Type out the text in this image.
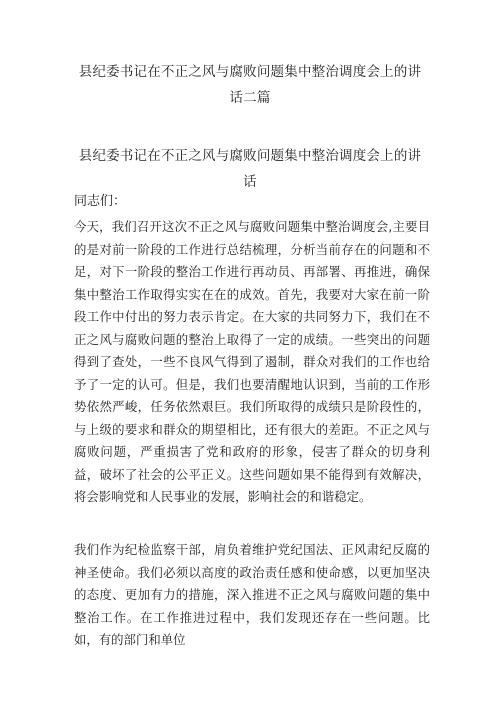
县纪委书记在不正之风与腐败问题集中整治调度会上的讲
话二篇
县纪委书记在不正之风与腐败问题集中整治调度会上的讲
话
同志们：

今天，我们召开这次不正之风与腐败问题集中整治调度会,主要目的是对前一阶段的工作进行总结梳理，分析当前存在的问题和不足，对下一阶段的整治工作进行再动员、再部署、再推进，确保集中整治工作取得实实在在的成效。首先，我要对大家在前一阶段工作中付出的努力表示肯定。在大家的共同努力下，我们在不正之风与腐败问题的整治上取得了一定的成绩。一些突出的问题得到了查处，一些不良风气得到了遏制，群众对我们的工作也给予了一定的认可。但是，我们也要清醒地认识到，当前的工作形势依然严峻，任务依然艰巨。我们所取得的成绩只是阶段性的，与上级的要求和群众的期望相比，还有很大的差距。不正之风与腐败问题，严重损害了党和政府的形象，侵害了群众的切身利益，破坏了社会的公平正义。这些问题如果不能得到有效解决，将会影响党和人民事业的发展，影响社会的和谐稳定。

我们作为纪检监察干部，肩负着维护党纪国法、正风肃纪反腐的神圣使命。我们必须以高度的政治责任感和使命感，以更加坚决的态度、更加有力的措施，深入推进不正之风与腐败问题的集中整治工作。在工作推进过程中，我们发现还存在一些问题。比如，有的部门和单位
